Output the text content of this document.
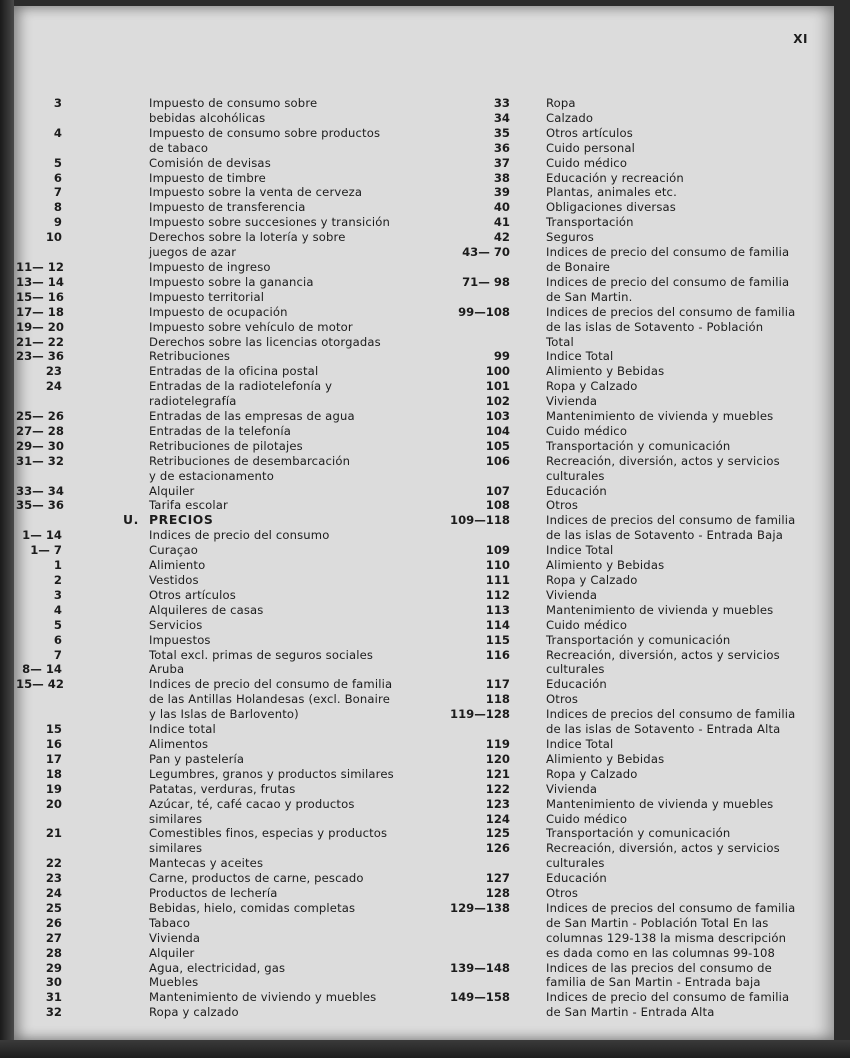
XI
3	Impuesto de consumo sobre
bebidas alcohólicas
4	Impuesto de consumo sobre productos
de tabaco
5	Comisión de devisas
6	Impuesto de timbre
7	Impuesto sobre la venta de cerveza
8	Impuesto de transferencia
9	Impuesto sobre succesiones y transición
10	Derechos sobre la lotería y sobre
juegos de azar
11— 12	Impuesto de ingreso
13— 14	Impuesto sobre la ganancia
15— 16	Impuesto territorial
17— 18	Impuesto de ocupación
19— 20	Impuesto sobre vehículo de motor
21— 22	Derechos sobre las licencias otorgadas
23— 36	Retribuciones
23	Entradas de la oficina postal
24	Entradas de la radiotelefonía y
radiotelegrafía
25— 26	Entradas de las empresas de agua
27— 28	Entradas de la telefonía
29— 30	Retribuciones de pilotajes
31— 32	Retribuciones de desembarcación
y de estacionamento
33— 34	Alquiler
35— 36	Tarifa escolar
U. PRECIOS
1— 14	Indices de precio del consumo
1— 7	Curaçao
1	Alimiento
2	Vestidos
3	Otros artículos
4	Alquileres de casas
5	Servicios
6	Impuestos
7	Total excl. primas de seguros sociales
8— 14	Aruba
15— 42	Indices de precio del consumo de familia
de las Antillas Holandesas (excl. Bonaire
y las Islas de Barlovento)
15	Indice total
16	Alimentos
17	Pan y pastelería
18	Legumbres, granos y productos similares
19	Patatas, verduras, frutas
20	Azúcar, té, café cacao y productos
similares
21	Comestibles finos, especias y productos
similares
22	Mantecas y aceites
23	Carne, productos de carne, pescado
24	Productos de lechería
25	Bebidas, hielo, comidas completas
26	Tabaco
27	Vivienda
28	Alquiler
29	Agua, electricidad, gas
30	Muebles
31	Mantenimiento de viviendo y muebles
32	Ropa y calzado
33	Ropa
34	Calzado
35	Otros artículos
36	Cuido personal
37	Cuido médico
38	Educación y recreación
39	Plantas, animales etc.
40	Obligaciones diversas
41	Transportación
42	Seguros
43— 70	Indices de precio del consumo de familia
de Bonaire
71— 98	Indices de precio del consumo de familia
de San Martin.
99—108	Indices de precios del consumo de familia
de las islas de Sotavento - Población
Total
99	Indice Total
100	Alimiento y Bebidas
101	Ropa y Calzado
102	Vivienda
103	Mantenimiento de vivienda y muebles
104	Cuido médico
105	Transportación y comunicación
106	Recreación, diversión, actos y servicios
culturales
107	Educación
108	Otros
109—118	Indices de precios del consumo de familia
de las islas de Sotavento - Entrada Baja
109	Indice Total
110	Alimiento y Bebidas
111	Ropa y Calzado
112	Vivienda
113	Mantenimiento de vivienda y muebles
114	Cuido médico
115	Transportación y comunicación
116	Recreación, diversión, actos y servicios
culturales
117	Educación
118	Otros
119—128	Indices de precios del consumo de familia
de las islas de Sotavento - Entrada Alta
119	Indice Total
120	Alimiento y Bebidas
121	Ropa y Calzado
122	Vivienda
123	Mantenimiento de vivienda y muebles
124	Cuido médico
125	Transportación y comunicación
126	Recreación, diversión, actos y servicios
culturales
127	Educación
128	Otros
129—138	Indices de precios del consumo de familia
de San Martin - Población Total En las
columnas 129-138 la misma descripción
es dada como en las columnas 99-108
139—148	Indices de las precios del consumo de
familia de San Martin - Entrada baja
149—158	Indices de precio del consumo de familia
de San Martin - Entrada Alta
